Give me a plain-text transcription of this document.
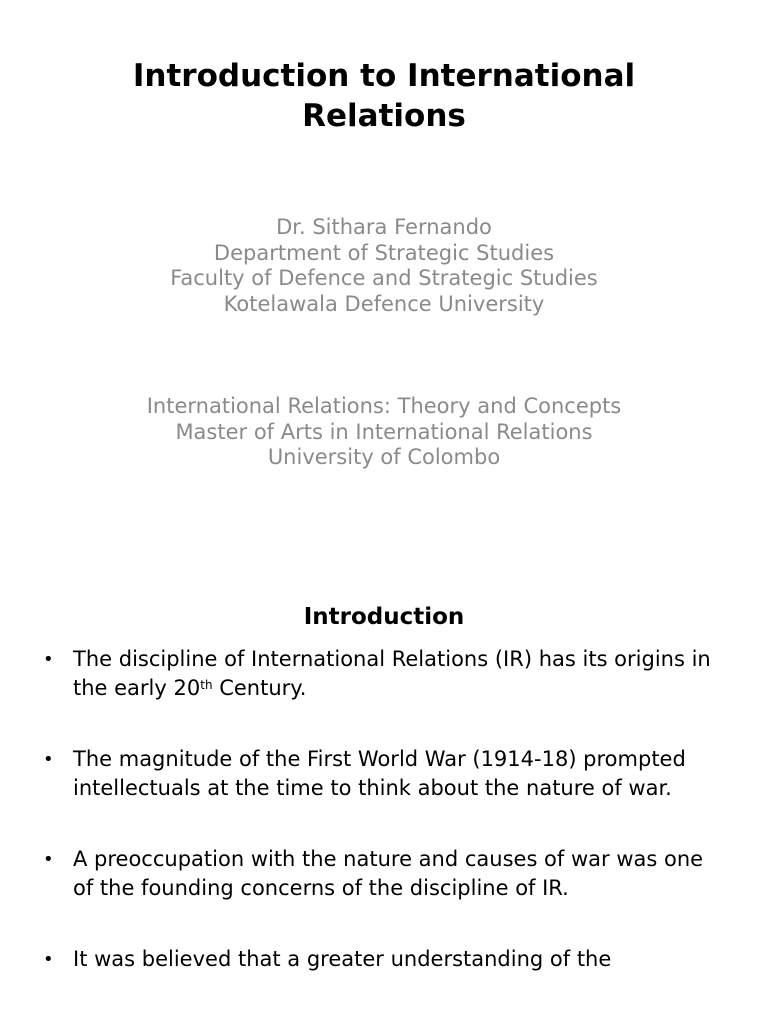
Introduction to International Relations
Dr. Sithara Fernando
Department of Strategic Studies
Faculty of Defence and Strategic Studies
Kotelawala Defence University
International Relations: Theory and Concepts
Master of Arts in International Relations
University of Colombo
Introduction
• The discipline of International Relations (IR) has its origins in the early 20th Century.
• The magnitude of the First World War (1914-18) prompted intellectuals at the time to think about the nature of war.
• A preoccupation with the nature and causes of war was one of the founding concerns of the discipline of IR.
• It was believed that a greater understanding of the
